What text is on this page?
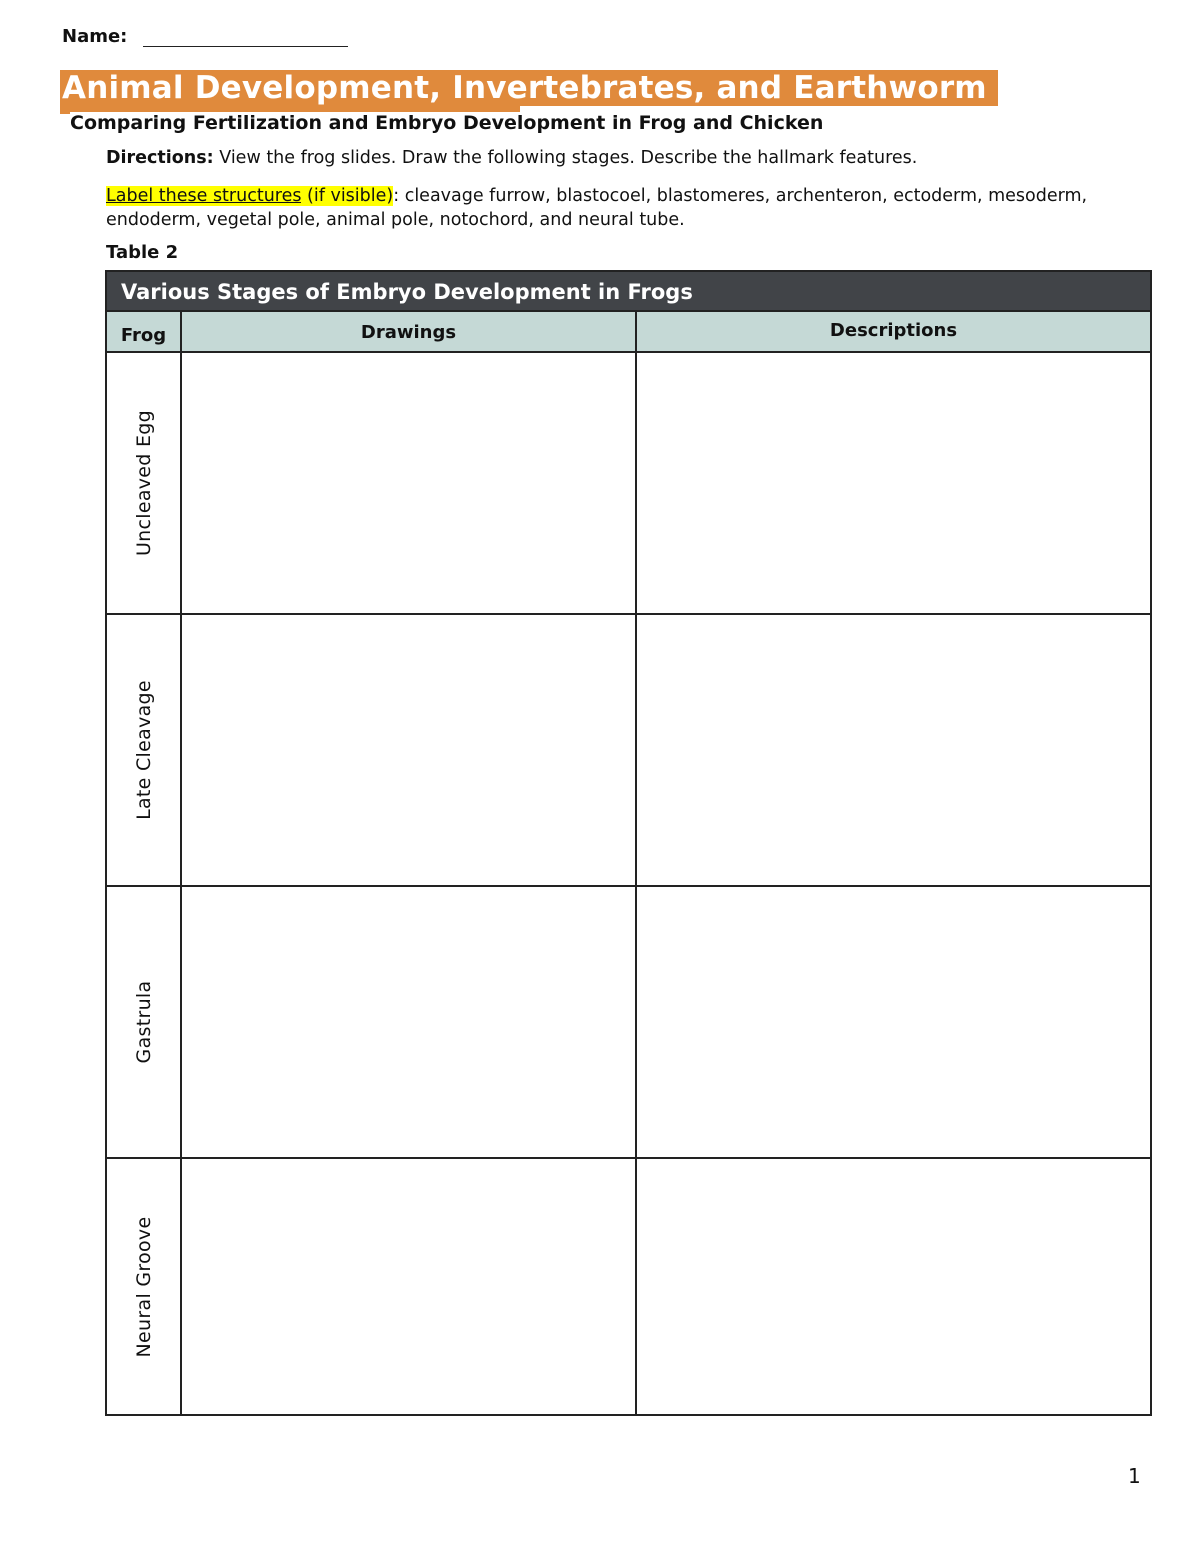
Name:
Animal Development, Invertebrates, and Earthworm
Comparing Fertilization and Embryo Development in Frog and Chicken
Directions: View the frog slides. Draw the following stages. Describe the hallmark features.
Label these structures (if visible): cleavage furrow, blastocoel, blastomeres, archenteron, ectoderm, mesoderm, endoderm, vegetal pole, animal pole, notochord, and neural tube.
Table 2
Various Stages of Embryo Development in Frogs
Frog	Drawings	Descriptions
Uncleaved Egg
Late Cleavage
Gastrula
Neural Groove
1
